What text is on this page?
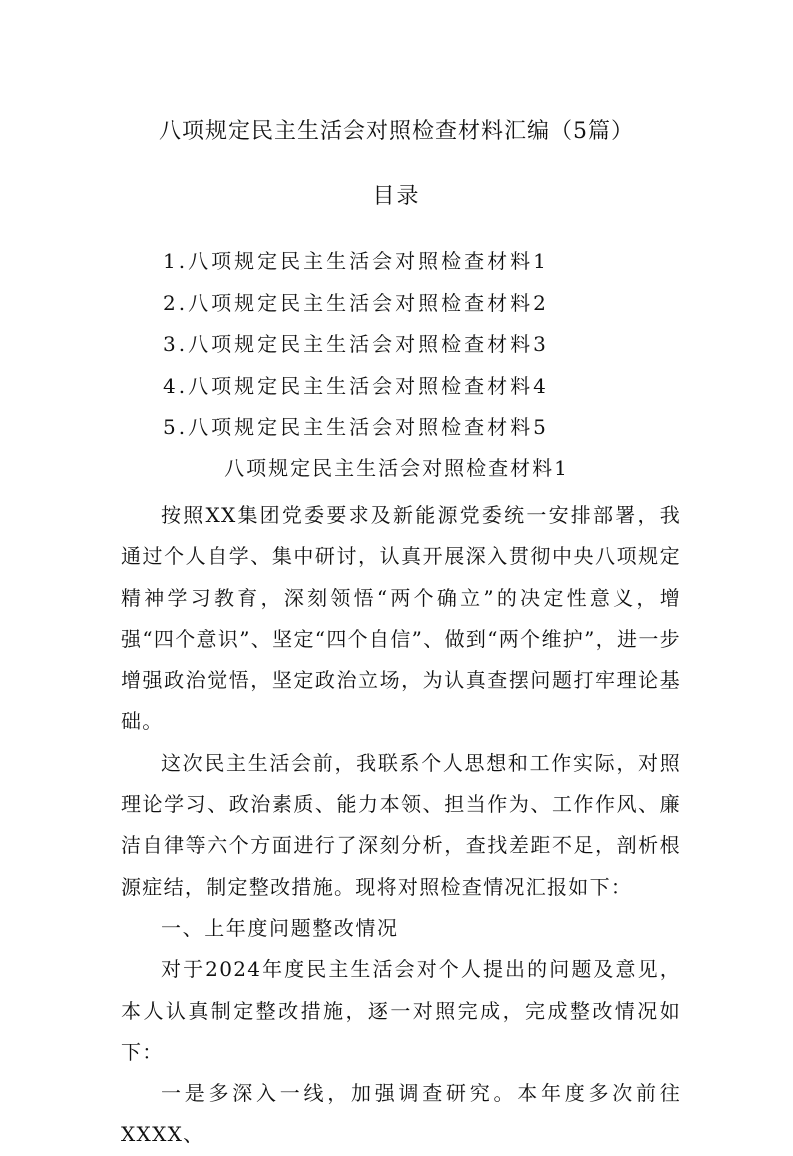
八项规定民主生活会对照检查材料汇编（5篇）
目录
1.八项规定民主生活会对照检查材料1
2.八项规定民主生活会对照检查材料2
3.八项规定民主生活会对照检查材料3
4.八项规定民主生活会对照检查材料4
5.八项规定民主生活会对照检查材料5
八项规定民主生活会对照检查材料1

按照XX集团党委要求及新能源党委统一安排部署，我通过个人自学、集中研讨，认真开展深入贯彻中央八项规定精神学习教育，深刻领悟“两个确立”的决定性意义，增强“四个意识”、坚定“四个自信”、做到“两个维护”，进一步增强政治觉悟，坚定政治立场，为认真查摆问题打牢理论基础。

这次民主生活会前，我联系个人思想和工作实际，对照理论学习、政治素质、能力本领、担当作为、工作作风、廉洁自律等六个方面进行了深刻分析，查找差距不足，剖析根源症结，制定整改措施。现将对照检查情况汇报如下：

一、上年度问题整改情况

对于2024年度民主生活会对个人提出的问题及意见，本人认真制定整改措施，逐一对照完成，完成整改情况如下：

一是多深入一线，加强调查研究。本年度多次前往XXXX、
